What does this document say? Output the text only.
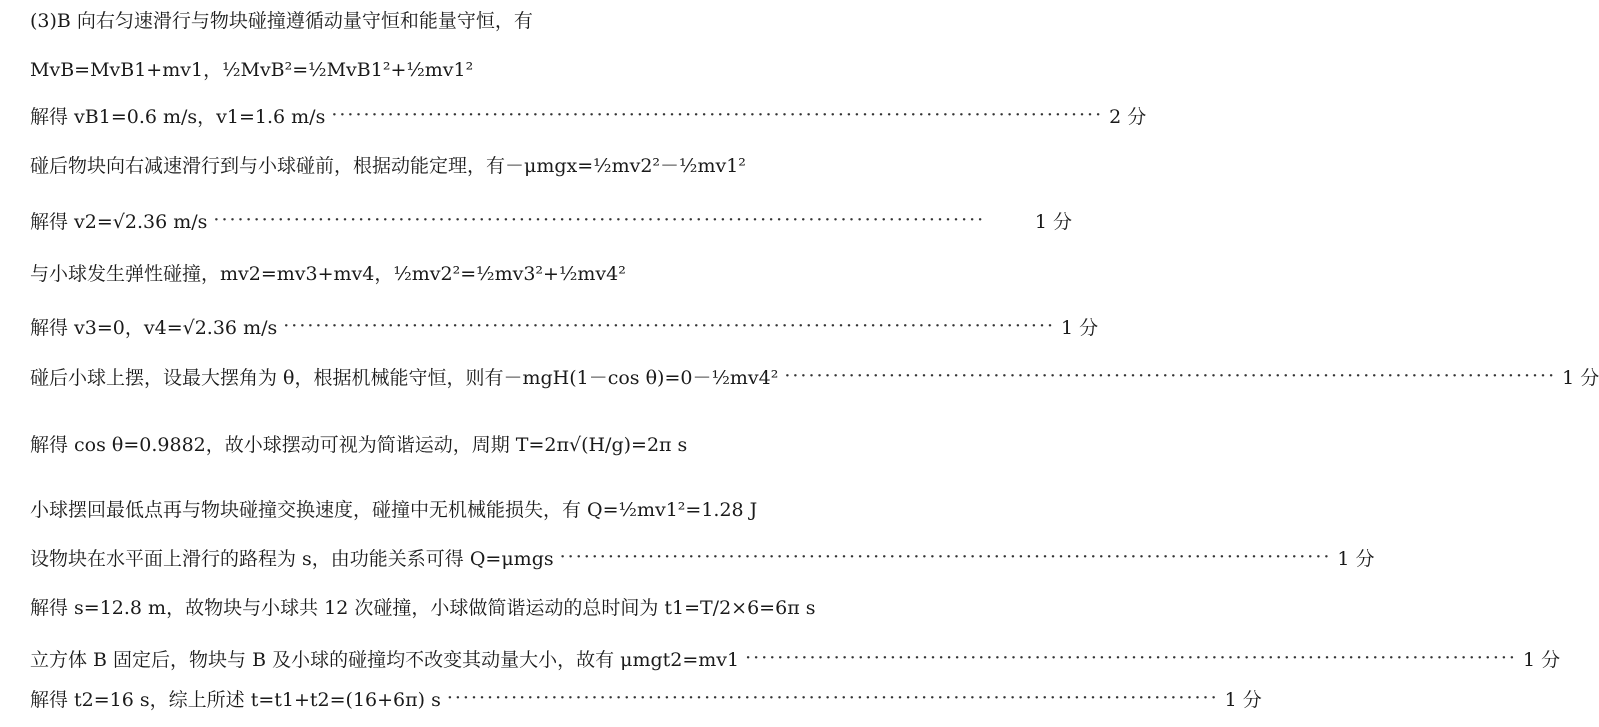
(3)B 向右匀速滑行与物块碰撞遵循动量守恒和能量守恒，有
MvB=MvB1+mv1，½MvB²=½MvB1²+½mv1²
解得 vB1=0.6 m/s，v1=1.6 m/s ································································································ 2 分
碰后物块向右减速滑行到与小球碰前，根据动能定理，有－μmgx=½mv2²－½mv1²
解得 v2=√2.36 m/s ································································································	1 分
与小球发生弹性碰撞，mv2=mv3+mv4，½mv2²=½mv3²+½mv4²
解得 v3=0，v4=√2.36 m/s ································································································ 1 分
碰后小球上摆，设最大摆角为 θ，根据机械能守恒，则有－mgH(1－cos θ)=0－½mv4² ································································································ 1 分
解得 cos θ=0.9882，故小球摆动可视为简谐运动，周期 T=2π√(H/g)=2π s
小球摆回最低点再与物块碰撞交换速度，碰撞中无机械能损失，有 Q=½mv1²=1.28 J
设物块在水平面上滑行的路程为 s，由功能关系可得 Q=μmgs ································································································ 1 分
解得 s=12.8 m，故物块与小球共 12 次碰撞，小球做简谐运动的总时间为 t1=T/2×6=6π s
立方体 B 固定后，物块与 B 及小球的碰撞均不改变其动量大小，故有 μmgt2=mv1 ································································································ 1 分
解得 t2=16 s，综上所述 t=t1+t2=(16+6π) s ································································································ 1 分
